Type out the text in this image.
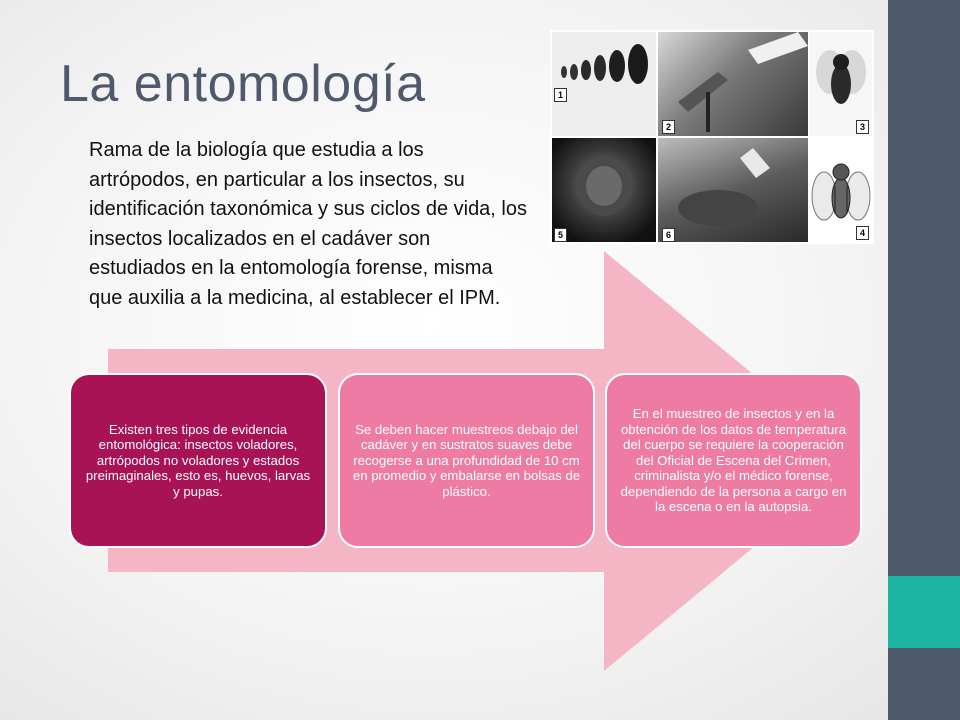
La entomología	1
2	3
5	6	4
Rama de la biología que estudia a los artrópodos, en particular a los insectos, su identificación taxonómica y sus ciclos de vida, los insectos localizados en el cadáver son estudiados en la entomología forense, misma que auxilia a la medicina, al establecer el IPM.
Existen tres tipos de evidencia entomológica: insectos voladores, artrópodos no voladores y estados preimaginales, esto es, huevos, larvas y pupas.
Se deben hacer muestreos debajo del cadáver y en sustratos suaves debe recogerse a una profundidad de 10 cm en promedio y embalarse en bolsas de plástico.
En el muestreo de insectos y en la obtención de los datos de temperatura del cuerpo se requiere la cooperación del Oficial de Escena del Crimen, criminalista y/o el médico forense, dependiendo de la persona a cargo en la escena o en la autopsia.
